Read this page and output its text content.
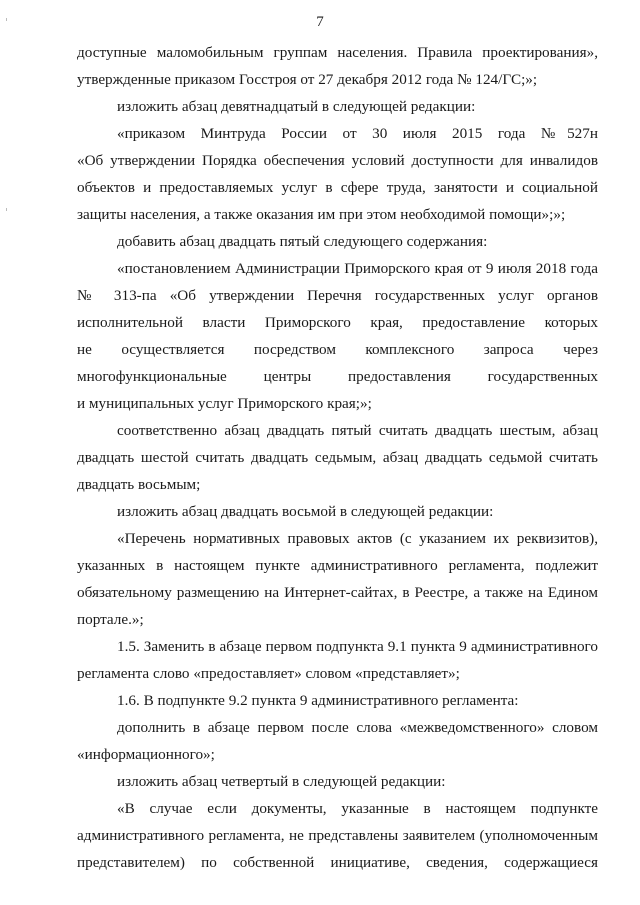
7
доступные маломобильным группам населения. Правила проектирования»,
утвержденные приказом Госстроя от 27 декабря 2012 года № 124/ГС;»;
изложить абзац девятнадцатый в следующей редакции:
«приказом Минтруда России от 30 июля 2015 года №527н
«Об утверждении Порядка обеспечения условий доступности для инвалидов
объектов и предоставляемых услуг в сфере труда, занятости и социальной
защиты населения, а также оказания им при этом необходимой помощи»;»;
добавить абзац двадцать пятый следующего содержания:
«постановлением Администрации Приморского края от 9 июля 2018 года
№ 313-па «Об утверждении Перечня государственных услуг органов
исполнительной власти Приморского края, предоставление которых
не осуществляется посредством комплексного запроса через
многофункциональные центры предоставления государственных
и муниципальных услуг Приморского края;»;
соответственно абзац двадцать пятый считать двадцать шестым, абзац
двадцать шестой считать двадцать седьмым, абзац двадцать седьмой считать
двадцать восьмым;
изложить абзац двадцать восьмой в следующей редакции:
«Перечень нормативных правовых актов (с указанием их реквизитов),
указанных в настоящем пункте административного регламента, подлежит
обязательному размещению на Интернет-сайтах, в Реестре, а также на Едином
портале.»;
1.5. Заменить в абзаце первом подпункта 9.1 пункта 9 административного
регламента слово «предоставляет» словом «представляет»;
1.6. В подпункте 9.2 пункта 9 административного регламента:
дополнить в абзаце первом после слова «межведомственного» словом
«информационного»;
изложить абзац четвертый в следующей редакции:
«В случае если документы, указанные в настоящем подпункте
административного регламента, не представлены заявителем (уполномоченным
представителем) по собственной инициативе, сведения, содержащиеся
